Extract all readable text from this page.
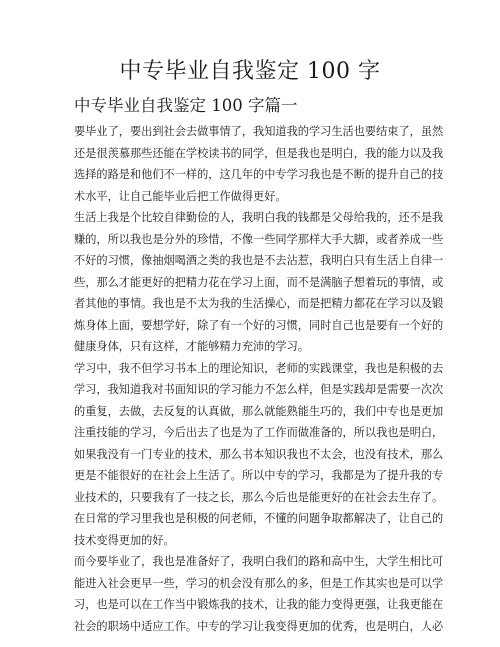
中专毕业自我鉴定 100 字
中专毕业自我鉴定 100 字篇一
要毕业了，要出到社会去做事情了，我知道我的学习生活也要结束了，虽然
还是很羡慕那些还能在学校读书的同学，但是我也是明白，我的能力以及我
选择的路是和他们不一样的，这几年的中专学习我也是不断的提升自己的技
术水平，让自己能毕业后把工作做得更好。
生活上我是个比较自律勤俭的人，我明白我的钱都是父母给我的，还不是我
赚的，所以我也是分外的珍惜，不像一些同学那样大手大脚，或者养成一些
不好的习惯，像抽烟喝酒之类的我也是不去沾惹，我明白只有生活上自律一
些，那么才能更好的把精力花在学习上面，而不是满脑子想着玩的事情，或
者其他的事情。我也是不太为我的生活操心，而是把精力都花在学习以及锻
炼身体上面，要想学好，除了有一个好的习惯，同时自己也是要有一个好的
健康身体，只有这样，才能够精力充沛的学习。
学习中，我不但学习书本上的理论知识，老师的实践课堂，我也是积极的去
学习，我知道我对书面知识的学习能力不怎么样，但是实践却是需要一次次
的重复，去做，去反复的认真做，那么就能熟能生巧的，我们中专也是更加
注重技能的学习，今后出去了也是为了工作而做准备的，所以我也是明白，
如果我没有一门专业的技术，那么书本知识我也不太会，也没有技术，那么
更是不能很好的在社会上生活了。所以中专的学习，我都是为了提升我的专
业技术的，只要我有了一技之长，那么今后也是能更好的在社会去生存了。
在日常的学习里我也是积极的问老师，不懂的问题争取都解决了，让自己的
技术变得更加的好。
而今要毕业了，我也是准备好了，我明白我们的路和高中生，大学生相比可
能进入社会更早一些，学习的机会没有那么的多，但是工作其实也是可以学
习，也是可以在工作当中锻炼我的技术，让我的能力变得更强，让我更能在
社会的职场中适应工作。中专的学习让我变得更加的优秀，也是明白，人必
